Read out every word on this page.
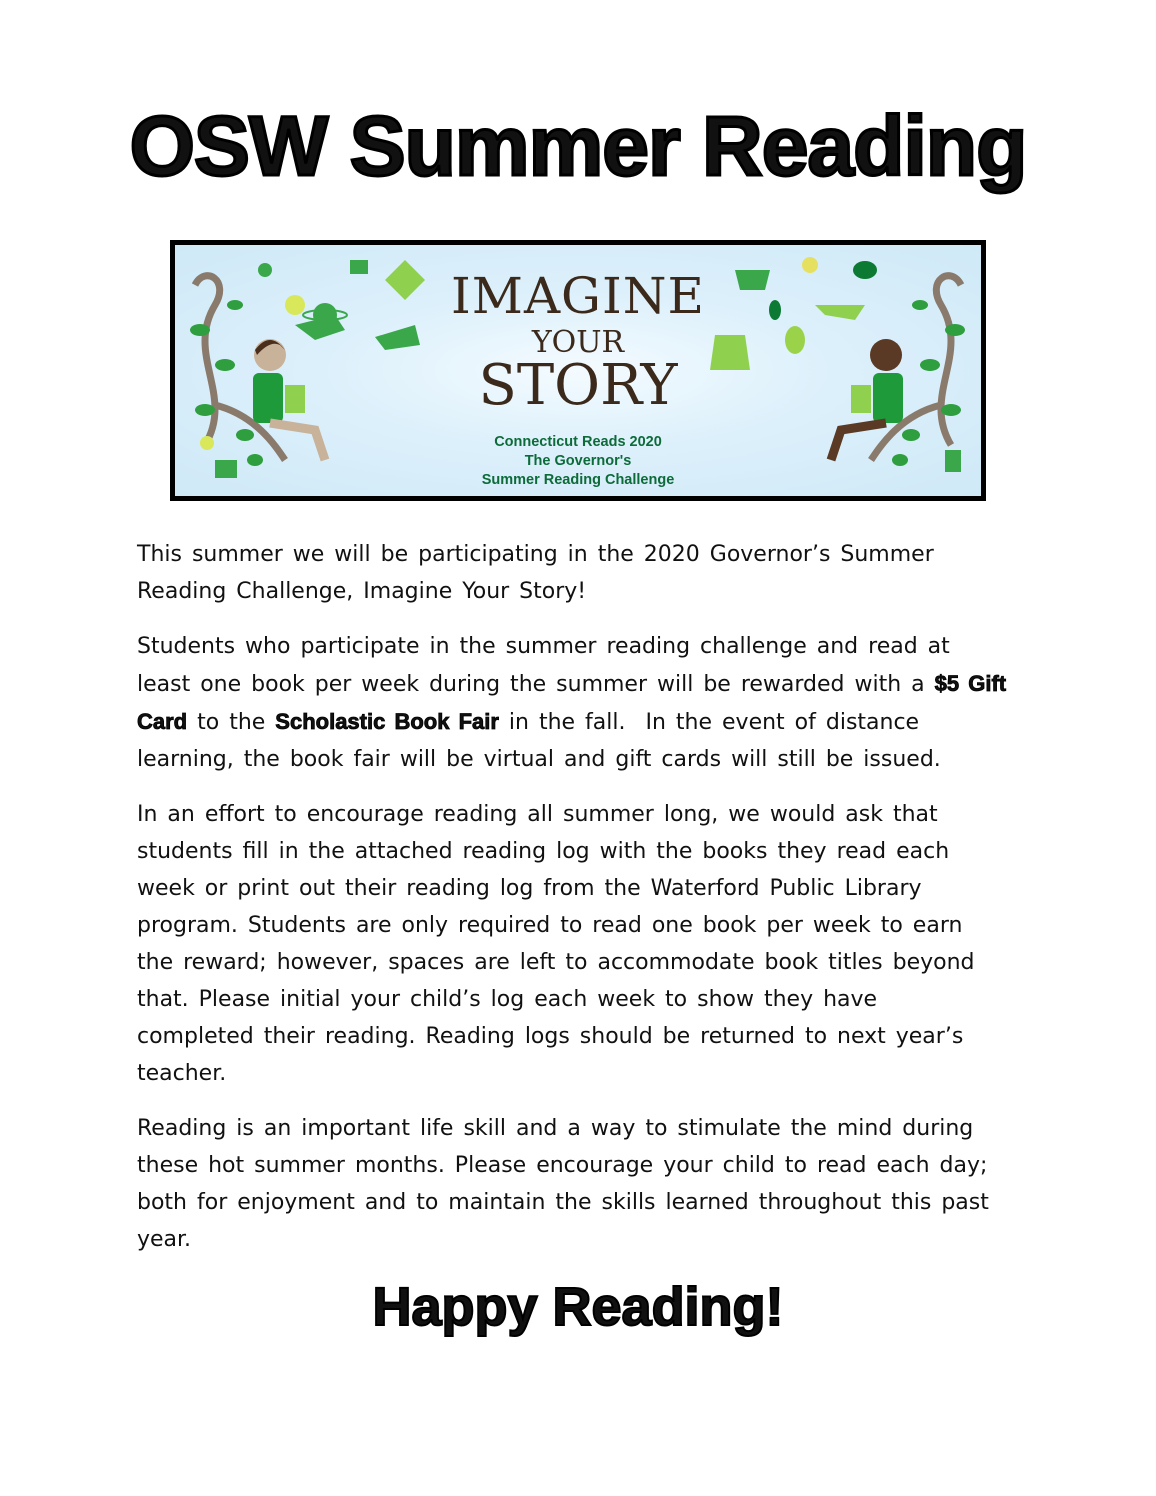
OSW Summer Reading
IMAGINE
YOUR
STORY
Connecticut Reads 2020
The Governor's
Summer Reading Challenge
This summer we will be participating in the 2020 Governor’s Summer
Reading Challenge, Imagine Your Story!
Students who participate in the summer reading challenge and read at
least one book per week during the summer will be rewarded with a $5 Gift
Card to the Scholastic Book Fair in the fall.  In the event of distance
learning, the book fair will be virtual and gift cards will still be issued.
In an effort to encourage reading all summer long, we would ask that
students fill in the attached reading log with the books they read each
week or print out their reading log from the Waterford Public Library
program. Students are only required to read one book per week to earn
the reward; however, spaces are left to accommodate book titles beyond
that. Please initial your child’s log each week to show they have
completed their reading. Reading logs should be returned to next year’s
teacher.
Reading is an important life skill and a way to stimulate the mind during
these hot summer months. Please encourage your child to read each day;
both for enjoyment and to maintain the skills learned throughout this past
year.
Happy Reading!
